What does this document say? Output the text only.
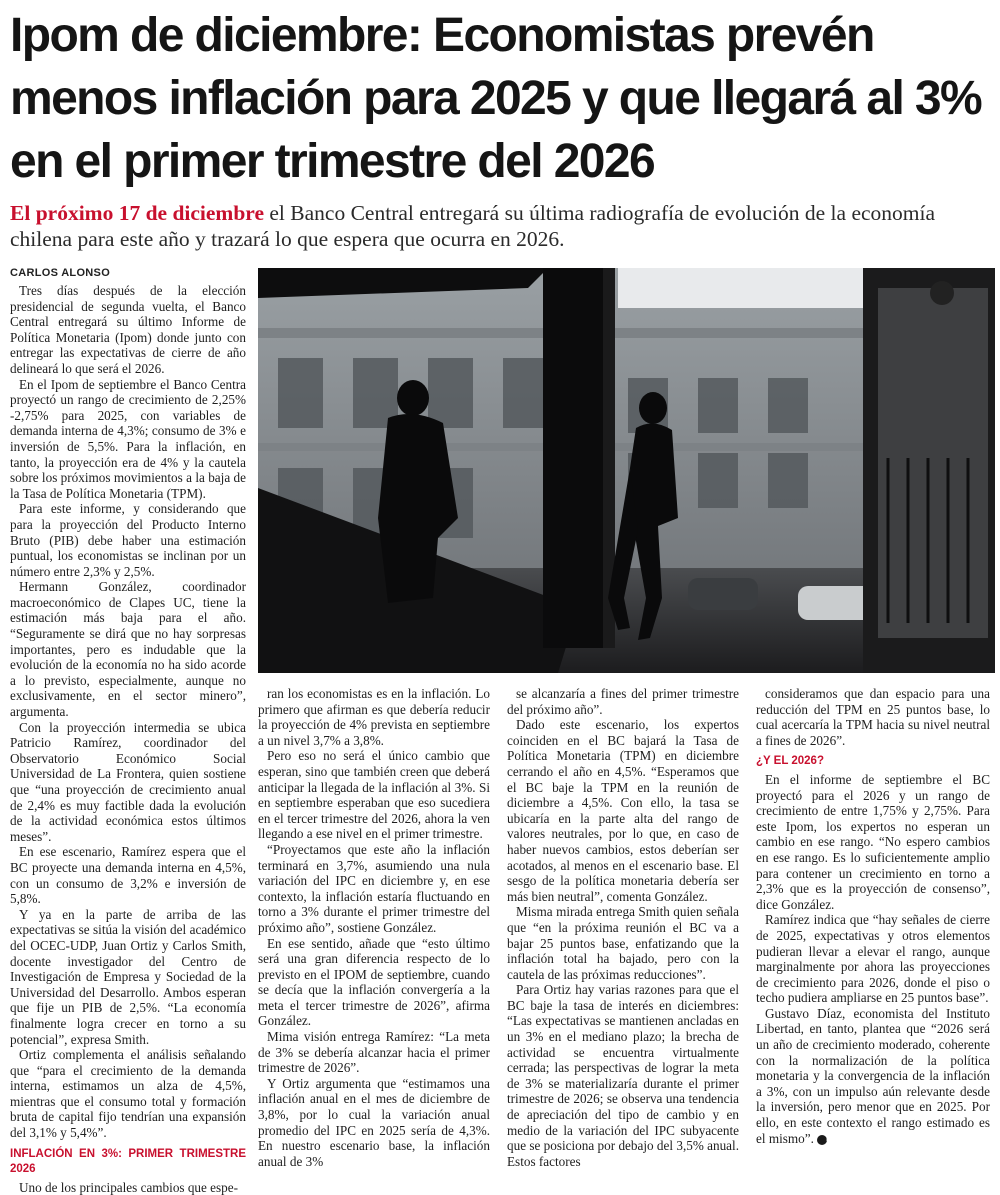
Ipom de diciembre: Economistas prevén menos inflación para 2025 y que llegará al 3% en el primer trimestre del 2026
El próximo 17 de diciembre el Banco Central entregará su última radiografía de evolución de la economía chilena para este año y trazará lo que espera que ocurra en 2026.
CARLOS ALONSO

Tres días después de la elección presidencial de segunda vuelta, el Banco Central entregará su último Informe de Política Monetaria (Ipom) donde junto con entregar las expectativas de cierre de año delineará lo que será el 2026.

En el Ipom de septiembre el Banco Centra proyectó un rango de crecimiento de 2,25% -2,75% para 2025, con variables de demanda interna de 4,3%; consumo de 3% e inversión de 5,5%. Para la inflación, en tanto, la proyección era de 4% y la cautela sobre los próximos movimientos a la baja de la Tasa de Política Monetaria (TPM).

Para este informe, y considerando que para la proyección del Producto Interno Bruto (PIB) debe haber una estimación puntual, los economistas se inclinan por un número entre 2,3% y 2,5%.

Hermann González, coordinador macroeconómico de Clapes UC, tiene la estimación más baja para el año. “Seguramente se dirá que no hay sorpresas importantes, pero es indudable que la evolución de la economía no ha sido acorde a lo previsto, especialmente, aunque no exclusivamente, en el sector minero”, argumenta.

Con la proyección intermedia se ubica Patricio Ramírez, coordinador del Observatorio Económico Social Universidad de La Frontera, quien sostiene que “una proyección de crecimiento anual de 2,4% es muy factible dada la evolución de la actividad económica estos últimos meses”.

En ese escenario, Ramírez espera que el BC proyecte una demanda interna en 4,5%, con un consumo de 3,2% e inversión de 5,8%.

Y ya en la parte de arriba de las expectativas se sitúa la visión del académico del OCEC-UDP, Juan Ortiz y Carlos Smith, docente investigador del Centro de Investigación de Empresa y Sociedad de la Universidad del Desarrollo. Ambos esperan que fije un PIB de 2,5%. “La economía finalmente logra crecer en torno a su potencial”, expresa Smith.

Ortiz complementa el análisis señalando que “para el crecimiento de la demanda interna, estimamos un alza de 4,5%, mientras que el consumo total y formación bruta de capital fijo tendrían una expansión del 3,1% y 5,4%”.

INFLACIÓN EN 3%: PRIMER TRIMESTRE 2026

Uno de los principales cambios que espe-

ran los economistas es en la inflación. Lo primero que afirman es que debería reducir la proyección de 4% prevista en septiembre a un nivel 3,7% a 3,8%.

Pero eso no será el único cambio que esperan, sino que también creen que deberá anticipar la llegada de la inflación al 3%. Si en septiembre esperaban que eso sucediera en el tercer trimestre del 2026, ahora la ven llegando a ese nivel en el primer trimestre.

“Proyectamos que este año la inflación terminará en 3,7%, asumiendo una nula variación del IPC en diciembre y, en ese contexto, la inflación estaría fluctuando en torno a 3% durante el primer trimestre del próximo año”, sostiene González.

En ese sentido, añade que “esto último será una gran diferencia respecto de lo previsto en el IPOM de septiembre, cuando se decía que la inflación convergería a la meta el tercer trimestre de 2026”, afirma González.

Mima visión entrega Ramírez: “La meta de 3% se debería alcanzar hacia el primer trimestre de 2026”.

Y Ortiz argumenta que “estimamos una inflación anual en el mes de diciembre de 3,8%, por lo cual la variación anual promedio del IPC en 2025 sería de 4,3%. En nuestro escenario base, la inflación anual de 3%

se alcanzaría a fines del primer trimestre del próximo año”.

Dado este escenario, los expertos coinciden en el BC bajará la Tasa de Política Monetaria (TPM) en diciembre cerrando el año en 4,5%. “Esperamos que el BC baje la TPM en la reunión de diciembre a 4,5%. Con ello, la tasa se ubicaría en la parte alta del rango de valores neutrales, por lo que, en caso de haber nuevos cambios, estos deberían ser acotados, al menos en el escenario base. El sesgo de la política monetaria debería ser más bien neutral”, comenta González.

Misma mirada entrega Smith quien señala que “en la próxima reunión el BC va a bajar 25 puntos base, enfatizando que la inflación total ha bajado, pero con la cautela de las próximas reducciones”.

Para Ortiz hay varias razones para que el BC baje la tasa de interés en diciembres: “Las expectativas se mantienen ancladas en un 3% en el mediano plazo; la brecha de actividad se encuentra virtualmente cerrada; las perspectivas de lograr la meta de 3% se materializaría durante el primer trimestre de 2026; se observa una tendencia de apreciación del tipo de cambio y en medio de la variación del IPC subyacente que se posiciona por debajo del 3,5% anual. Estos factores

consideramos que dan espacio para una reducción del TPM en 25 puntos base, lo cual acercaría la TPM hacia su nivel neutral a fines de 2026”.

¿Y EL 2026?

En el informe de septiembre el BC proyectó para el 2026 y un rango de crecimiento de entre 1,75% y 2,75%. Para este Ipom, los expertos no esperan un cambio en ese rango. “No espero cambios en ese rango. Es lo suficientemente amplio para contener un crecimiento en torno a 2,3% que es la proyección de consenso”, dice González.

Ramírez indica que “hay señales de cierre de 2025, expectativas y otros elementos pudieran llevar a elevar el rango, aunque marginalmente por ahora las proyecciones de crecimiento para 2026, donde el piso o techo pudiera ampliarse en 25 puntos base”.

Gustavo Díaz, economista del Instituto Libertad, en tanto, plantea que “2026 será un año de crecimiento moderado, coherente con la normalización de la política monetaria y la convergencia de la inflación a 3%, con un impulso aún relevante desde la inversión, pero menor que en 2025. Por ello, en este contexto el rango estimado es el mismo”. P
